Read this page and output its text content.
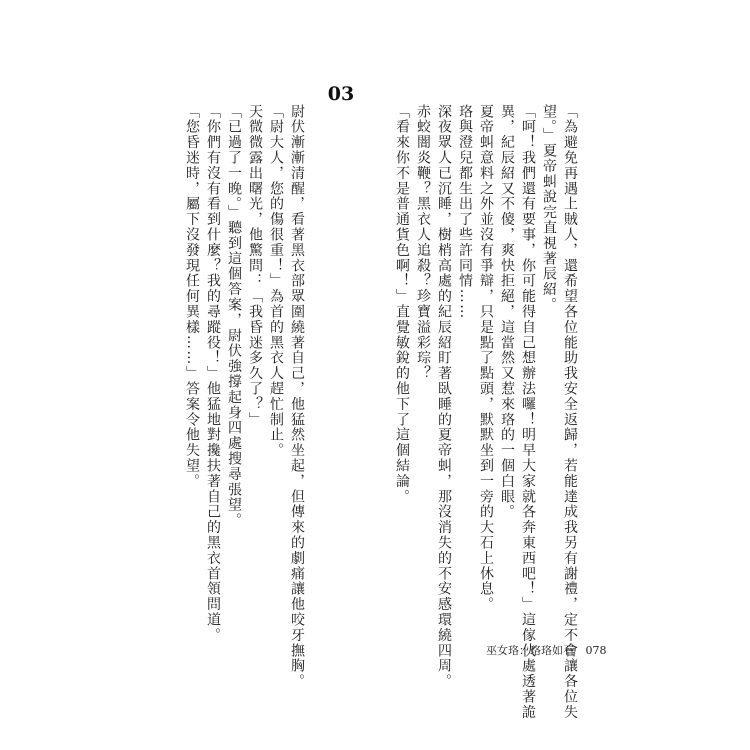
「為避免再遇上賊人，還希望各位能助我安全返歸，若能達成我另有謝禮，定不會讓各位失
望。」夏帝虯說完直視著辰紹。
「呵！我們還有要事，你可能得自己想辦法囉！明早大家就各奔東西吧！」這傢伙處透著詭
異，紀辰紹又不傻，爽快拒絕，這當然又惹來珞的一個白眼。
夏帝虯意料之外並沒有爭辯，只是點了點頭，默默坐到一旁的大石上休息。
珞與澄兒都生出了些許同情……
深夜眾人已沉睡，樹梢高處的紀辰紹盯著臥睡的夏帝虯，那沒消失的不安感環繞四周。
赤蛟闇炎鞭？黑衣人追殺？珍寶溢彩琮？
「看來你不是普通貨色啊！」直覺敏銳的他下了這個結論。
尉伏漸漸清醒，看著黑衣部眾圍繞著自己，他猛然坐起，但傳來的劇痛讓他咬牙撫胸。
「尉大人，您的傷很重！」為首的黑衣人趕忙制止。
天微微露出曙光，他驚問：「我昏迷多久了？」
「已過了一晚。」聽到這個答案，尉伏強撐起身四處搜尋張望。
「你們有沒有看到什麼？我的尋蹤役！」他猛地對攙扶著自己的黑衣首領問道。
「您昏迷時，屬下沒發現任何異樣……」答案令他失望。
03
巫女珞：珞珞如石 078
